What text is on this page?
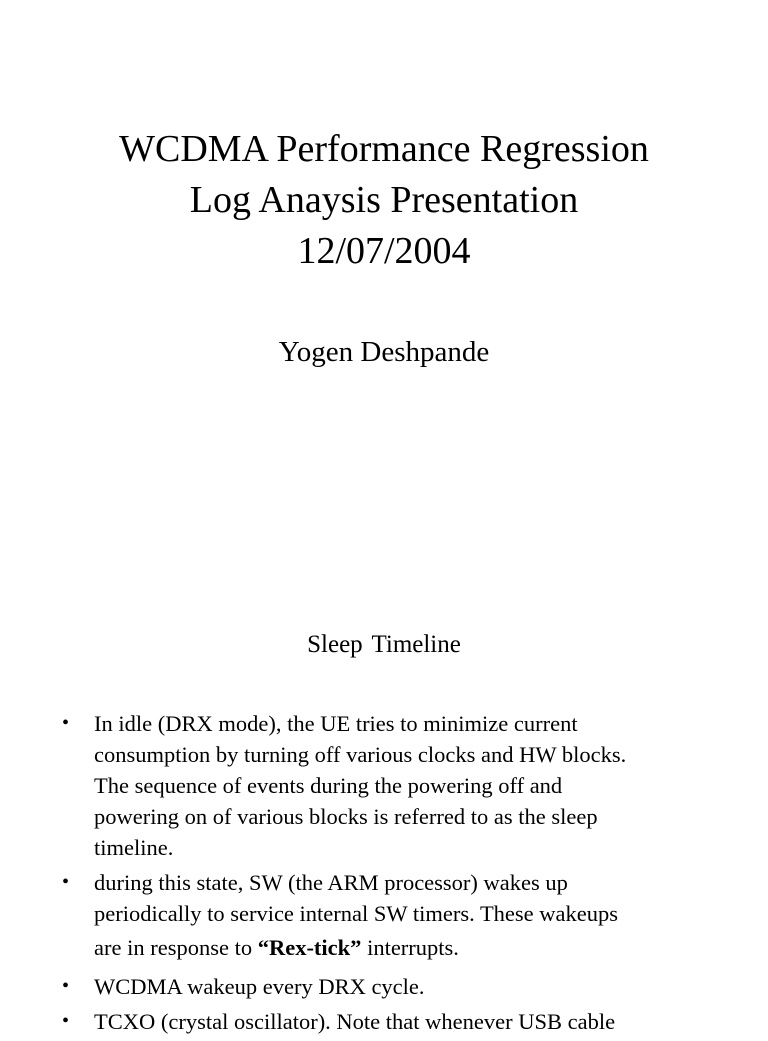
WCDMA Performance Regression
Log Anaysis Presentation
12/07/2004
Yogen Deshpande
Sleep Timeline
• In idle (DRX mode), the UE tries to minimize current
consumption by turning off various clocks and HW blocks.
The sequence of events during the powering off and
powering on of various blocks is referred to as the sleep
timeline.
• during this state, SW (the ARM processor) wakes up
periodically to service internal SW timers. These wakeups
are in response to “Rex-tick” interrupts.
• WCDMA wakeup every DRX cycle.
• TCXO (crystal oscillator). Note that whenever USB cable
